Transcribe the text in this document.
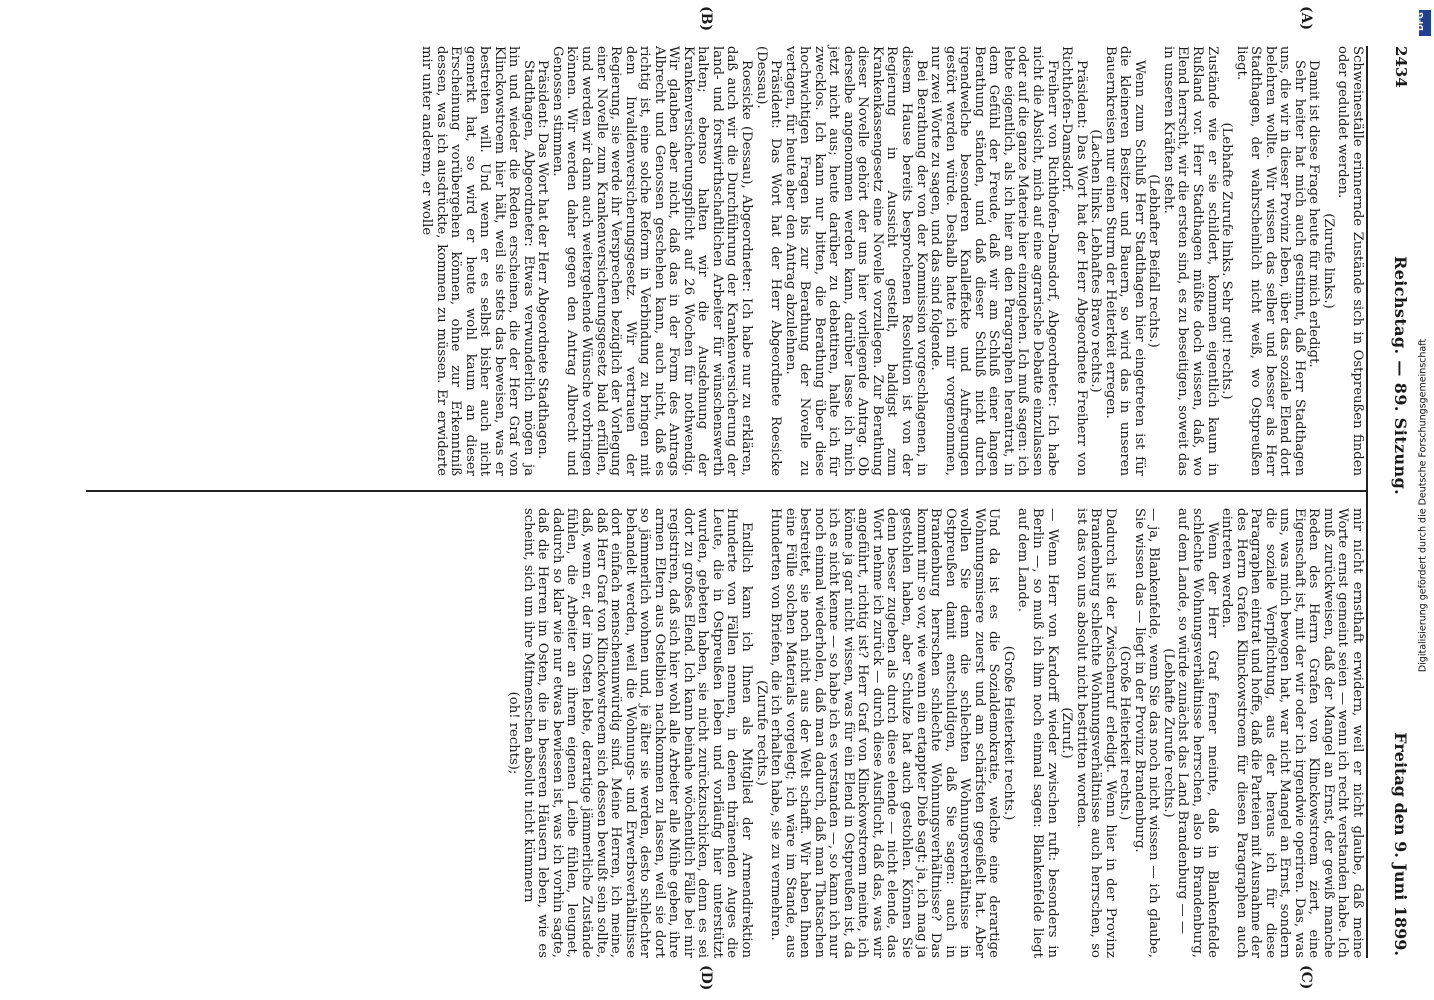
2434
Reichstag. — 89. Sitzung.
Freitag den 9. Juni 1899.
(A)
(B)
(C)
(D)

Schweineställe erinnernde Zustände sich in Ostpreußen finden oder geduldet werden.

(Zurufe links.)

Damit ist diese Frage heute für mich erledigt.

Sehr heiter hat mich auch gestimmt, daß Herr Stadthagen uns, die wir in dieser Provinz leben, über das soziale Elend dort belehren wollte. Wir wissen das selber und besser als Herr Stadthagen, der wahrscheinlich nicht weiß, wo Ostpreußen liegt.

(Lebhafte Zurufe links. Sehr gut! rechts.)

Zustände wie er sie schildert, kommen eigentlich kaum in Rußland vor. Herr Stadthagen müßte doch wissen, daß, wo Elend herrscht, wir die ersten sind, es zu beseitigen, soweit das in unseren Kräften steht.

(Lebhafter Beifall rechts.)

Wenn zum Schluß Herr Stadthagen hier eingetreten ist für die kleineren Besitzer und Bauern, so wird das in unseren Bauernkreisen nur einen Sturm der Heiterkeit erregen.

(Lachen links. Lebhaftes Bravo rechts.)

Präsident: Das Wort hat der Herr Abgeordnete Freiherr von Richthofen-Damsdorf.

Freiherr von Richthofen-Damsdorf, Abgeordneter: Ich habe nicht die Absicht, mich auf eine agrarische Debatte einzulassen oder auf die ganze Materie hier einzugehen. Ich muß sagen: ich lebte eigentlich, als ich hier an den Paragraphen herantrat, in dem Gefühl der Freude, daß wir am Schluß einer langen Berathung ständen, und daß dieser Schluß nicht durch irgendwelche besonderen Knalleffekte und Aufregungen gestört werden würde. Deshalb hatte ich mir vorgenommen, nur zwei Worte zu sagen, und das sind folgende.

Bei Berathung der von der Kommission vorgeschlagenen, in diesem Hause bereits besprochenen Resolution ist von der Regierung in Aussicht gestellt, baldigst zum Krankenkassengesetz eine Novelle vorzulegen. Zur Berathung dieser Novelle gehört der uns hier vorliegende Antrag. Ob derselbe angenommen werden kann, darüber lasse ich mich jetzt nicht aus; heute darüber zu debattiren, halte ich für zwecklos. Ich kann nur bitten, die Berathung über diese hochwichtigen Fragen bis zur Berathung der Novelle zu vertagen, für heute aber den Antrag abzulehnen.

Präsident: Das Wort hat der Herr Abgeordnete Roesicke (Dessau).

Roesicke (Dessau), Abgeordneter: Ich habe nur zu erklären, daß auch wir die Durchführung der Krankenversicherung der land- und forstwirthschaftlichen Arbeiter für wünschenswerth halten; ebenso halten wir die Ausdehnung der Krankenversicherungspflicht auf 26 Wochen für nothwendig. Wir glauben aber nicht, daß das in der Form des Antrags Albrecht und Genossen geschehen kann, auch nicht, daß es richtig ist, eine solche Reform in Verbindung zu bringen mit dem Invalidenversicherungsgesetz. Wir vertrauen der Regierung, sie werde ihr Versprechen bezüglich der Vorlegung einer Novelle zum Krankenversicherungsgesetz bald erfüllen, und werden wir dann auch weitergehende Wünsche vorbringen können. Wir werden daher gegen den Antrag Albrecht und Genossen stimmen.

Präsident: Das Wort hat der Herr Abgeordnete Stadthagen.

Stadthagen, Abgeordneter: Etwas verwunderlich mögen ja hin und wieder die Reden erscheinen, die der Herr Graf von Klinckowstroem hier hält, weil sie stets das beweisen, was er bestreiten will. Und wenn er es selbst bisher auch nicht gemerkt hat, so wird er heute wohl kaum an dieser Erscheinung vorübergehen können, ohne zur Erkenntniß dessen, was ich ausdrückte, kommen zu müssen. Er erwiderte mir unter anderem, er wolle

mir nicht ernsthaft erwidern, weil er nicht glaube, daß meine Worte ernst gemeint seien — wenn ich recht verstanden habe. Ich muß zurückweisen, daß der Mangel an Ernst, der gewiß manche Reden des Herrn Grafen von Klinckowstroem ziert, eine Eigenschaft ist, mit der wir oder ich irgendwie operiren. Das, was uns, was mich bewogen hat, war nicht Mangel an Ernst, sondern die soziale Verpflichtung, aus der heraus ich für diese Paragraphen eintrat und hoffe, daß die Parteien mit Ausnahme der des Herrn Grafen Klinckowstroem für diesen Paragraphen auch eintreten werden.

Wenn der Herr Graf ferner meinte, daß in Blankenfelde schlechte Wohnungsverhältnisse herrschen, also in Brandenburg, auf dem Lande, so würde zunächst das Land Brandenburg — —

(Lebhafte Zurufe rechts.)

— ja, Blankenfelde, wenn Sie das noch nicht wissen — ich glaube, Sie wissen das — liegt in der Provinz Brandenburg.

(Große Heiterkeit rechts.)

Dadurch ist der Zwischenruf erledigt. Wenn hier in der Provinz Brandenburg schlechte Wohnungsverhältnisse auch herrschen, so ist das von uns absolut nicht bestritten worden.

(Zuruf.)

— Wenn Herr von Kardorff wieder zwischen ruft: besonders in Berlin —, so muß ich ihm noch einmal sagen: Blankenfelde liegt auf dem Lande.

(Große Heiterkeit rechts.)

Und da ist es die Sozialdemokratie, welche eine derartige Wohnungsmisere zuerst und am schärfsten gegeißelt hat. Aber wollen Sie denn die schlechten Wohnungsverhältnisse in Ostpreußen damit entschuldigen, daß Sie sagen: auch in Brandenburg herrschen schlechte Wohnungsverhältnisse? Das kommt mir so vor, wie wenn ein ertappter Dieb sagt: ja, ich mag ja gestohlen haben, aber Schulze hat auch gestohlen. Können Sie denn besser zugeben als durch diese elende — nicht elende, das Wort nehme ich zurück — durch diese Ausflucht, daß das, was wir angeführt, richtig ist? Herr Graf von Klinckowstroem meinte, ich könne ja gar nicht wissen, was für ein Elend in Ostpreußen ist, da ich es nicht kenne — so habe ich es verstanden —, so kann ich nur noch einmal wiederholen, daß man dadurch, daß man Thatsachen bestreitet, sie noch nicht aus der Welt schafft. Wir haben Ihnen eine Fülle solchen Materials vorgelegt; ich wäre im Stande, aus Hunderten von Briefen, die ich erhalten habe, sie zu vermehren.

(Zurufe rechts.)

Endlich kann ich Ihnen als Mitglied der Armendirektion Hunderte von Fällen nennen, in denen thränenden Auges die Leute, die in Ostpreußen leben und vorläufig hier unterstützt wurden, gebeten haben, sie nicht zurückzuschicken, denn es sei dort zu großes Elend. Ich kann beinahe wöchentlich Fälle bei mir registriren, daß sich hier wohl alle Arbeiter alle Mühe geben, ihre armen Eltern aus Ostelbien nachkommen zu lassen, weil sie dort so jämmerlich wohnen und, je älter sie werden, desto schlechter behandelt werden, weil die Wohnungs- und Erwerbsverhältnisse dort einfach menschenunwürdig sind. Meine Herren, ich meine, daß Herr Graf von Klinckowstroem sich dessen bewußt sein sollte, daß, wenn er, der im Osten lebte, derartige jämmerliche Zustände fühlen, die Arbeiter an ihrem eigenen Leibe fühlen, leugnet, dadurch so klar wie nur etwas bewiesen ist, was ich vorhin sagte, daß die Herren im Osten, die in besseren Häusern leben, wie es scheint, sich um ihre Mitmenschen absolut nicht kümmern

(oh! rechts);

DFG
Digitalisierung gefördert durch die Deutsche Forschungsgemeinschaft
